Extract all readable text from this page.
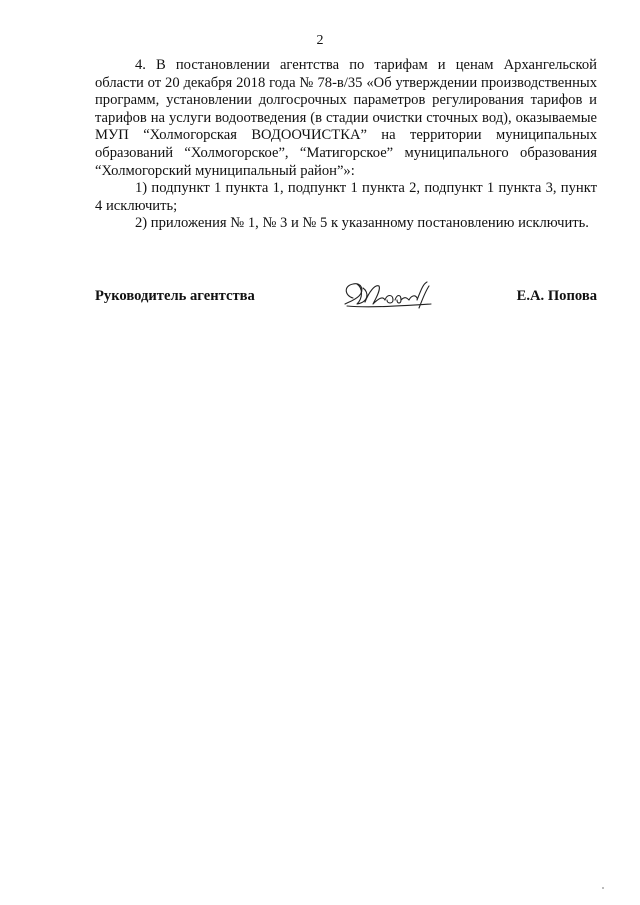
2

4. В постановлении агентства по тарифам и ценам Архангельской области от 20 декабря 2018 года № 78-в/35 «Об утверждении производственных программ, установлении долгосрочных параметров регулирования тарифов и тарифов на услуги водоотведения (в стадии очистки сточных вод), оказываемые МУП “Холмогорская ВОДООЧИСТКА” на территории муниципальных образований “Холмогорское”, “Матигорское” муниципального образования “Холмогорский муниципальный район”»:

1) подпункт 1 пункта 1, подпункт 1 пункта 2, подпункт 1 пункта 3, пункт 4 исключить;

2) приложения № 1, № 3 и № 5 к указанному постановлению исключить.

Руководитель агентства	Е.А. Попова
